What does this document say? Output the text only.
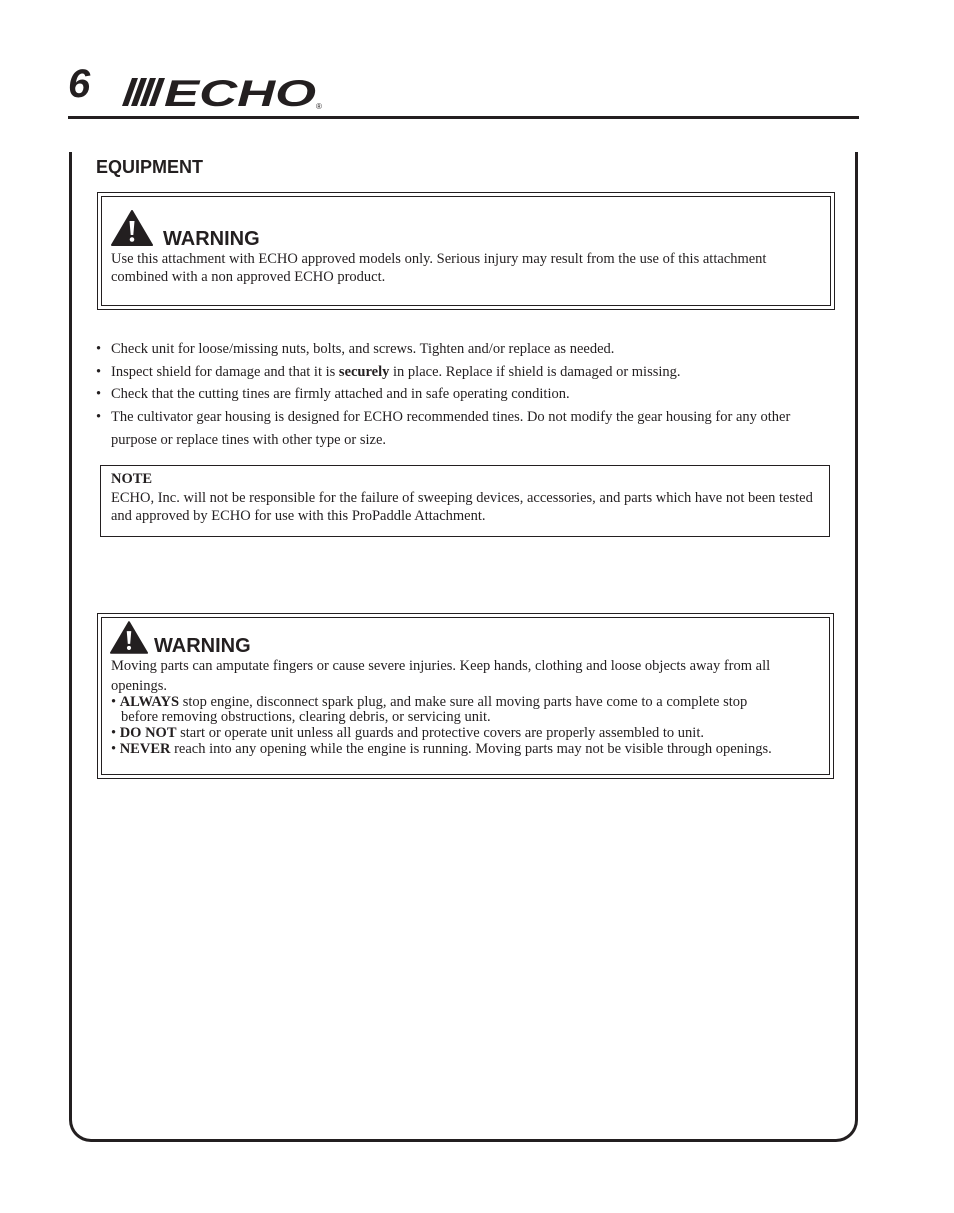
6 ECHO ®
EQUIPMENT
WARNING
Use this attachment with ECHO approved models only. Serious injury may result from the use of this attachment combined with a non approved ECHO product.
• Check unit for loose/missing nuts, bolts, and screws. Tighten and/or replace as needed.
• Inspect shield for damage and that it is securely in place. Replace if shield is damaged or missing.
• Check that the cutting tines are firmly attached and in safe operating condition.
• The cultivator gear housing is designed for ECHO recommended tines. Do not modify the gear housing for any other purpose or replace tines with other type or size.
NOTE
ECHO, Inc. will not be responsible for the failure of sweeping devices, accessories, and parts which have not been tested and approved by ECHO for use with this ProPaddle Attachment.
WARNING
Moving parts can amputate fingers or cause severe injuries. Keep hands, clothing and loose objects away from all
openings.
• ALWAYS stop engine, disconnect spark plug, and make sure all moving parts have come to a complete stop
before removing obstructions, clearing debris, or servicing unit.
• DO NOT start or operate unit unless all guards and protective covers are properly assembled to unit.
• NEVER reach into any opening while the engine is running. Moving parts may not be visible through openings.
